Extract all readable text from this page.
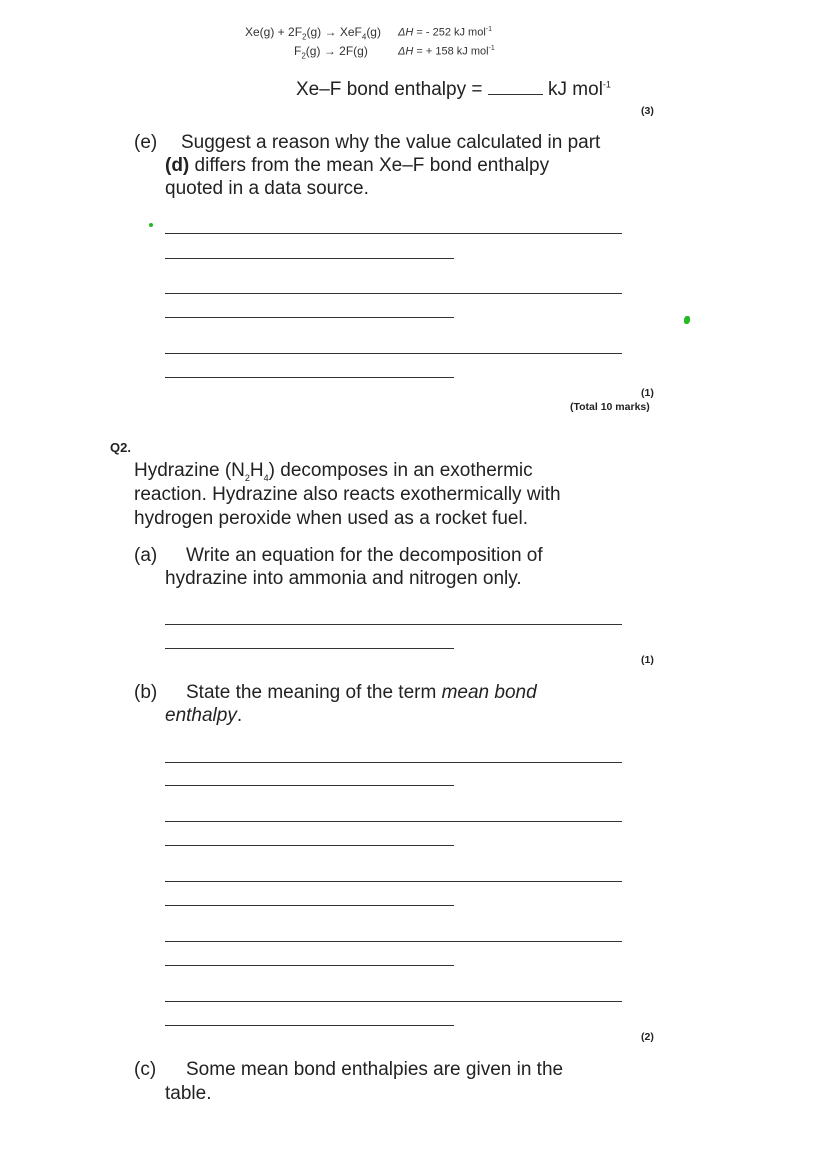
$Xe(g) + 2F_2(g) \to XeF_4(g) \Delta H$ = - 252 kJ mol$^{-1}$
$F_2(g) \to 2F(g)$	ΔH = + 158 kJ mol$^{-1}$
Xe–F bond enthalpy =	kJ mol$^{-1}$
(3)
(e) Suggest a reason why the value calculated in part
(d) differs from the mean Xe–F bond enthalpy
quoted in a data source.
(1)
(Total 10 marks)
Q2.
Hydrazine $(N_2H_4)$ decomposes in an exothermic
reaction. Hydrazine also reacts exothermically with
hydrogen peroxide when used as a rocket fuel.
(a) Write an equation for the decomposition of
hydrazine into ammonia and nitrogen only.
(1)
(b) State the meaning of the term mean bond
enthalpy.
(2)
(c) Some mean bond enthalpies are given in the
table.
